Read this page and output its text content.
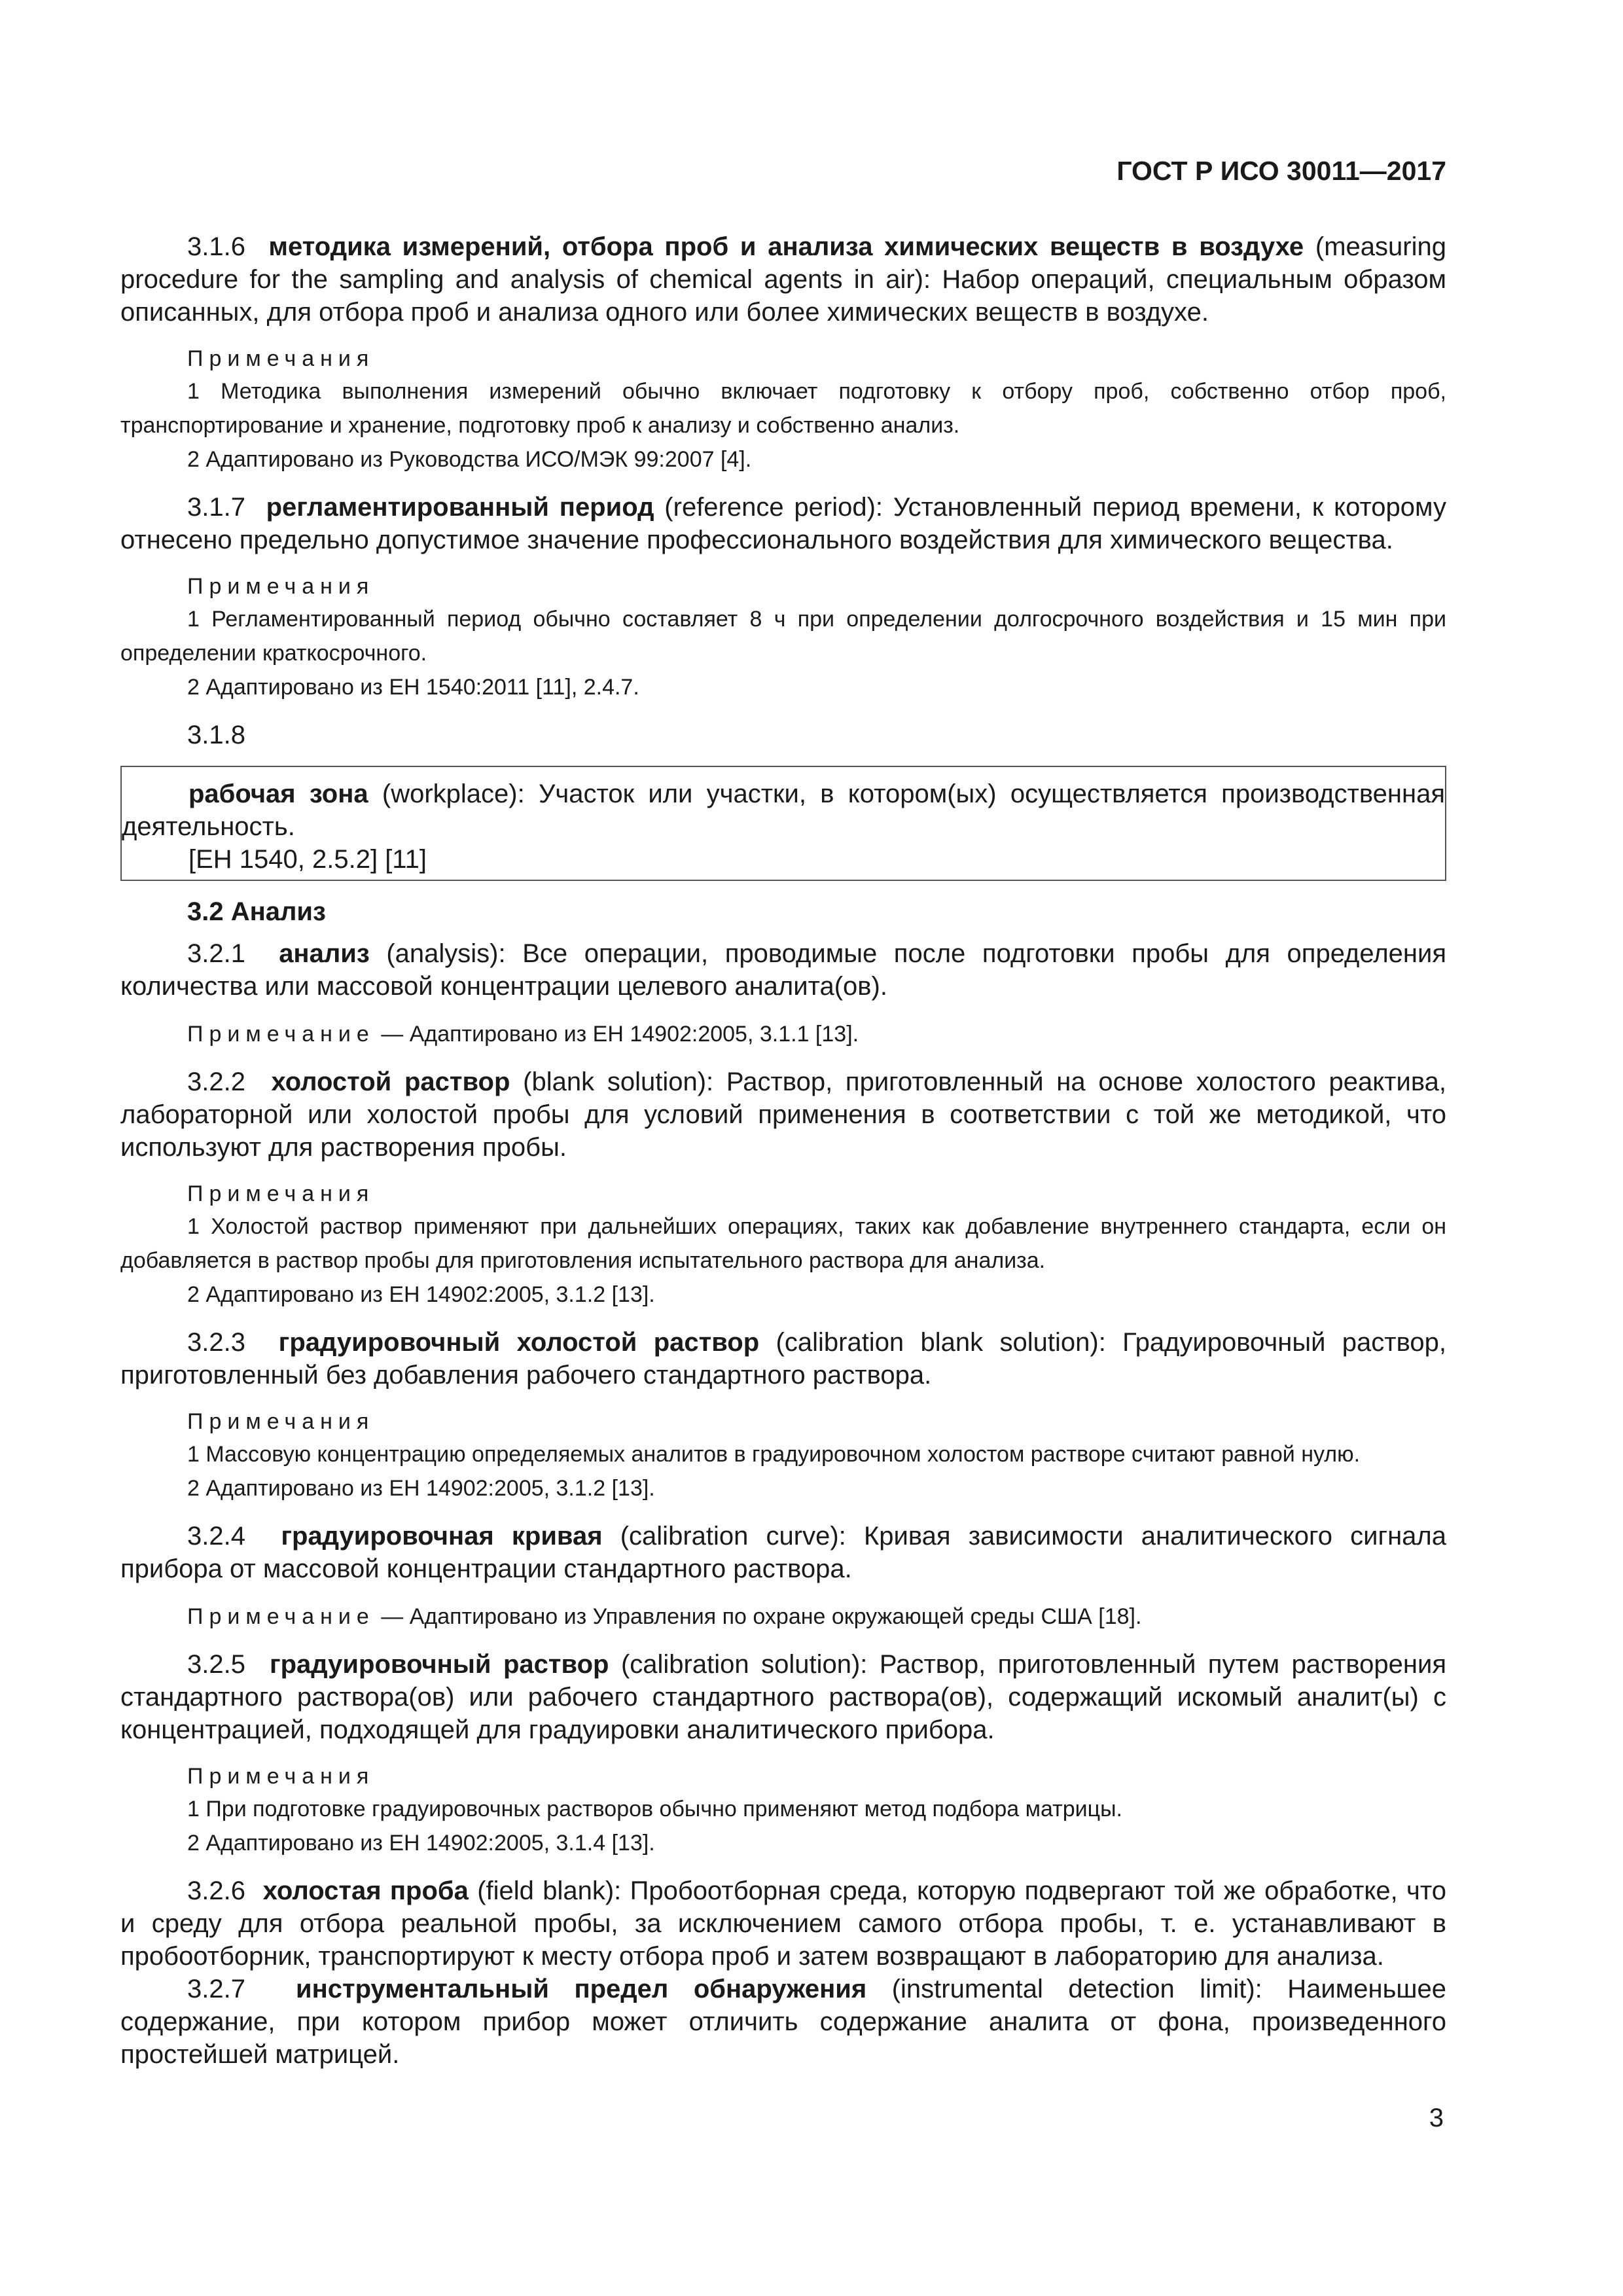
ГОСТ Р ИСО 30011—2017

3.1.6 методика измерений, отбора проб и анализа химических веществ в воздухе (measuring procedure for the sampling and analysis of chemical agents in air): Набор операций, специальным образом описанных, для отбора проб и анализа одного или более химических веществ в воздухе.

Примечания

1 Методика выполнения измерений обычно включает подготовку к отбору проб, собственно отбор проб, транспортирование и хранение, подготовку проб к анализу и собственно анализ.

2 Адаптировано из Руководства ИСО/МЭК 99:2007 [4].

3.1.7 регламентированный период (reference period): Установленный период времени, к которому отнесено предельно допустимое значение профессионального воздействия для химического вещества.

Примечания

1 Регламентированный период обычно составляет 8 ч при определении долгосрочного воздействия и 15 мин при определении краткосрочного.

2 Адаптировано из ЕН 1540:2011 [11], 2.4.7.

3.1.8

рабочая зона (workplace): Участок или участки, в котором(ых) осуществляется производственная деятельность.

[ЕН 1540, 2.5.2] [11]

3.2 Анализ

3.2.1 анализ (analysis): Все операции, проводимые после подготовки пробы для определения количества или массовой концентрации целевого аналита(ов).

Примечание — Адаптировано из ЕН 14902:2005, 3.1.1 [13].

3.2.2 холостой раствор (blank solution): Раствор, приготовленный на основе холостого реактива, лабораторной или холостой пробы для условий применения в соответствии с той же методикой, что используют для растворения пробы.

Примечания

1 Холостой раствор применяют при дальнейших операциях, таких как добавление внутреннего стандарта, если он добавляется в раствор пробы для приготовления испытательного раствора для анализа.

2 Адаптировано из ЕН 14902:2005, 3.1.2 [13].

3.2.3 градуировочный холостой раствор (calibration blank solution): Градуировочный раствор, приготовленный без добавления рабочего стандартного раствора.

Примечания

1 Массовую концентрацию определяемых аналитов в градуировочном холостом растворе считают равной нулю.

2 Адаптировано из ЕН 14902:2005, 3.1.2 [13].

3.2.4 градуировочная кривая (calibration curve): Кривая зависимости аналитического сигнала прибора от массовой концентрации стандартного раствора.

Примечание — Адаптировано из Управления по охране окружающей среды США [18].

3.2.5 градуировочный раствор (calibration solution): Раствор, приготовленный путем растворения стандартного раствора(ов) или рабочего стандартного раствора(ов), содержащий искомый аналит(ы) с концентрацией, подходящей для градуировки аналитического прибора.

Примечания

1 При подготовке градуировочных растворов обычно применяют метод подбора матрицы.

2 Адаптировано из ЕН 14902:2005, 3.1.4 [13].

3.2.6 холостая проба (field blank): Пробоотборная среда, которую подвергают той же обработке, что и среду для отбора реальной пробы, за исключением самого отбора пробы, т. е. устанавливают в пробоотборник, транспортируют к месту отбора проб и затем возвращают в лабораторию для анализа.

3.2.7 инструментальный предел обнаружения (instrumental detection limit): Наименьшее содержание, при котором прибор может отличить содержание аналита от фона, произведенного простейшей матрицей.

3
